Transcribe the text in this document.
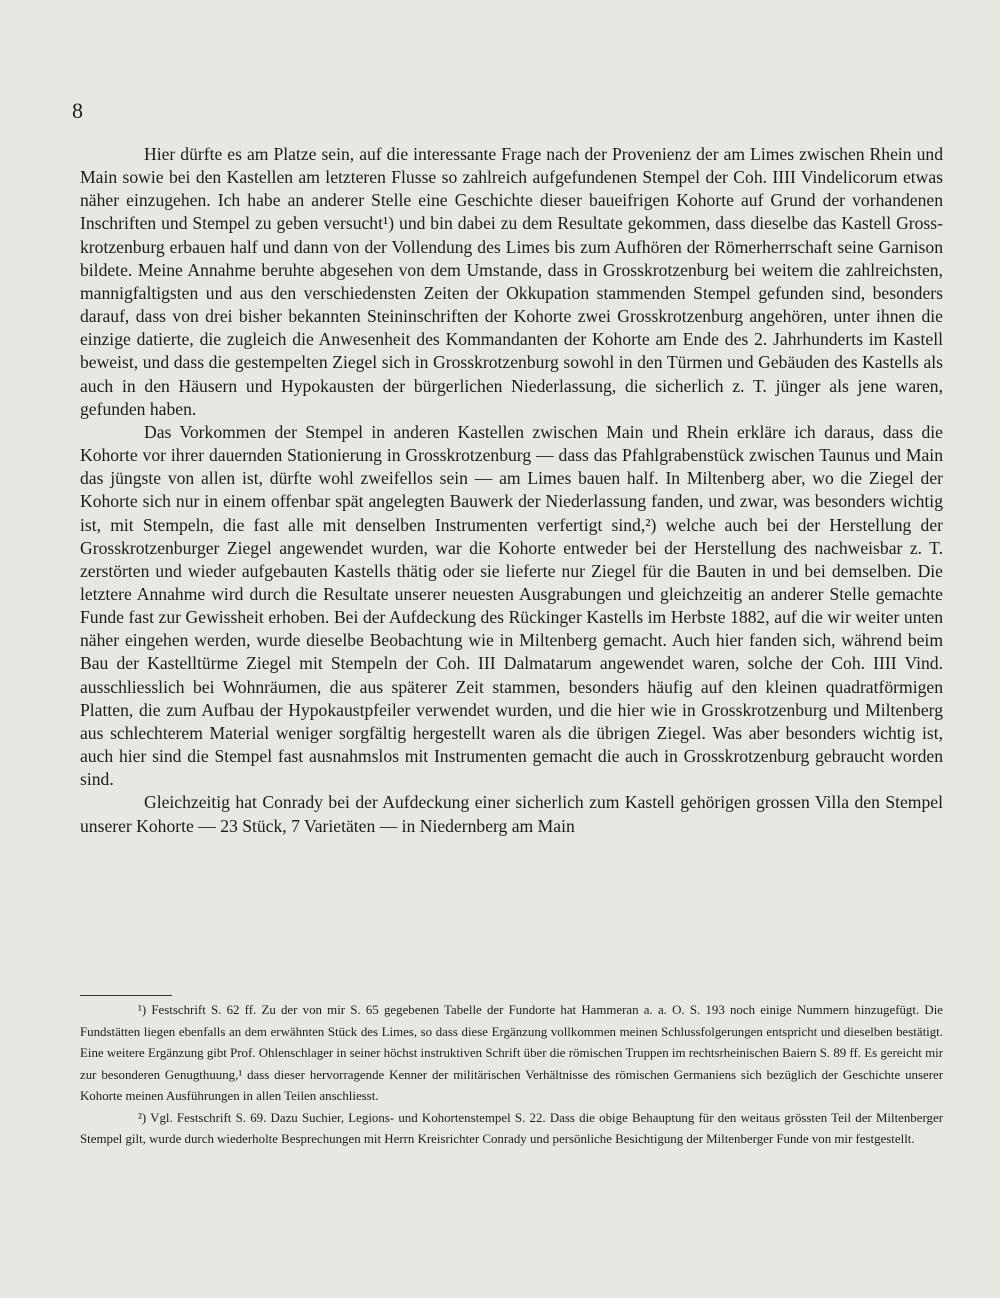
8

Hier dürfte es am Platze sein, auf die interessante Frage nach der Provenienz der am Limes zwischen Rhein und Main sowie bei den Kastellen am letzteren Flusse so zahlreich aufgefundenen Stempel der Coh. IIII Vindelicorum etwas näher einzugehen. Ich habe an anderer Stelle eine Geschichte dieser baueifrigen Kohorte auf Grund der vorhandenen Inschriften und Stempel zu geben versucht¹) und bin dabei zu dem Resultate gekommen, dass dieselbe das Kastell Grosskrotzenburg erbauen half und dann von der Vollendung des Limes bis zum Aufhören der Römerherrschaft seine Garnison bildete. Meine Annahme beruhte abgesehen von dem Umstande, dass in Grosskrotzenburg bei weitem die zahlreichsten, mannigfaltigsten und aus den verschiedensten Zeiten der Okkupation stammenden Stempel gefunden sind, besonders darauf, dass von drei bisher bekannten Steininschriften der Kohorte zwei Grosskrotzenburg angehören, unter ihnen die einzige datierte, die zugleich die Anwesenheit des Kommandanten der Kohorte am Ende des 2. Jahrhunderts im Kastell beweist, und dass die gestempelten Ziegel sich in Grosskrotzenburg sowohl in den Türmen und Gebäuden des Kastells als auch in den Häusern und Hypokausten der bürgerlichen Niederlassung, die sicherlich z. T. jünger als jene waren, gefunden haben.

Das Vorkommen der Stempel in anderen Kastellen zwischen Main und Rhein erkläre ich daraus, dass die Kohorte vor ihrer dauernden Stationierung in Grosskrotzenburg — dass das Pfahlgrabenstück zwischen Taunus und Main das jüngste von allen ist, dürfte wohl zweifellos sein — am Limes bauen half. In Miltenberg aber, wo die Ziegel der Kohorte sich nur in einem offenbar spät angelegten Bauwerk der Niederlassung fanden, und zwar, was besonders wichtig ist, mit Stempeln, die fast alle mit denselben Instrumenten verfertigt sind,²) welche auch bei der Herstellung der Grosskrotzenburger Ziegel angewendet wurden, war die Kohorte entweder bei der Herstellung des nachweisbar z. T. zerstörten und wieder aufgebauten Kastells thätig oder sie lieferte nur Ziegel für die Bauten in und bei demselben. Die letztere Annahme wird durch die Resultate unserer neuesten Ausgrabungen und gleichzeitig an anderer Stelle gemachte Funde fast zur Gewissheit erhoben. Bei der Aufdeckung des Rückinger Kastells im Herbste 1882, auf die wir weiter unten näher eingehen werden, wurde dieselbe Beobachtung wie in Miltenberg gemacht. Auch hier fanden sich, während beim Bau der Kastelltürme Ziegel mit Stempeln der Coh. III Dalmatarum angewendet waren, solche der Coh. IIII Vind. ausschliesslich bei Wohnräumen, die aus späterer Zeit stammen, besonders häufig auf den kleinen quadratförmigen Platten, die zum Aufbau der Hypokaustpfeiler verwendet wurden, und die hier wie in Grosskrotzenburg und Miltenberg aus schlechterem Material weniger sorgfältig hergestellt waren als die übrigen Ziegel. Was aber besonders wichtig ist, auch hier sind die Stempel fast ausnahmslos mit Instrumenten gemacht die auch in Grosskrotzenburg gebraucht worden sind.

Gleichzeitig hat Conrady bei der Aufdeckung einer sicherlich zum Kastell gehörigen grossen Villa den Stempel unserer Kohorte — 23 Stück, 7 Varietäten — in Niedernberg am Main

¹) Festschrift S. 62 ff. Zu der von mir S. 65 gegebenen Tabelle der Fundorte hat Hammeran a. a. O. S. 193 noch einige Nummern hinzugefügt. Die Fundstätten liegen ebenfalls an dem erwähnten Stück des Limes, so dass diese Ergänzung vollkommen meinen Schlussfolgerungen entspricht und dieselben bestätigt. Eine weitere Ergänzung gibt Prof. Ohlenschlager in seiner höchst instruktiven Schrift über die römischen Truppen im rechtsrheinischen Baiern S. 89 ff. Es gereicht mir zur besonderen Genugthuung,¹ dass dieser hervorragende Kenner der militärischen Verhältnisse des römischen Germaniens sich bezüglich der Geschichte unserer Kohorte meinen Ausführungen in allen Teilen anschliesst.

²) Vgl. Festschrift S. 69. Dazu Suchier, Legions- und Kohortenstempel S. 22. Dass die obige Behauptung für den weitaus grössten Teil der Miltenberger Stempel gilt, wurde durch wiederholte Besprechungen mit Herrn Kreisrichter Conrady und persönliche Besichtigung der Miltenberger Funde von mir festgestellt.
